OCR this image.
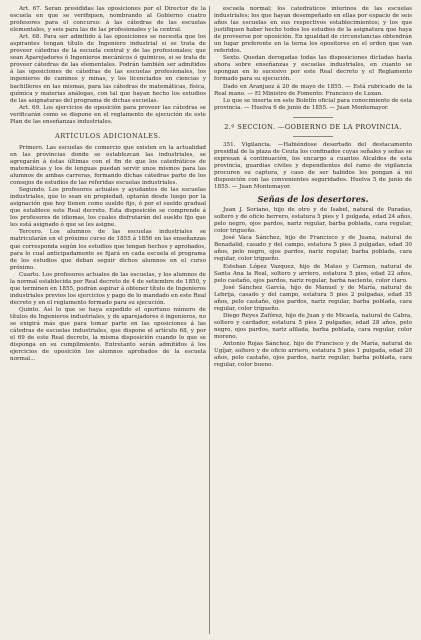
Art. 67. Serán presididas las oposiciones por el Director de la escuela en que se verifiquen, nombrando al Gobierno cuatro profesores para el concurso: á las cátedras de las escuelas elementales, y seis para las de las profesionales y la central.

Art. 68. Para ser admitido á las oposiciones se necesita que los aspirantes tengan título de Ingeniero industrial si se trata de proveer cátedras de la escuela central y de las profesionales; que sean Aparejadores ó Ingenieros mecánicos ó químicos, si se trata de proveer cátedras de las elementales. Podrán también ser admitidos á las oposiciones de cátedras de las escuelas profesionales, los ingenieros de caminos y minas, y los licenciados en ciencias y bachilleres en las mismas, para las cátedras de matemáticas, física, química y materias análogas, con tal que hayan hecho los estudios de las asignaturas del programa de dichas escuelas.

Art. 69. Los ejercicios de oposición para proveer las cátedras se verificarán como se dispone en el reglamento de ejecución de este Plan de las enseñanzas industriales.

ARTÍCULOS ADICIONALES.

Primero. Las escuelas de comercio que existen en la actualidad en las provincias donde se establezcan las industriales, se agregarán á éstas últimas con el fin de que los catedráticos de matemáticas y los de lenguas puedan servir unos mismos para las alumnos de ambas carreras, formando dichas cátedras parte de los consejos de estudios de las referidas escuelas industriales.

Segundo. Los profesores actuales y ayudantes de las escuelas industriales, que lo sean en propiedad, optarán desde luego por la asignación que hoy tienen como sueldo fijo, ó por el sueldo gradual que establece este Real decreto. Esta disposición se comprende á los profesores de idiomas, los cuales disfrutarán del sueldo fijo que les está asignado ó que se les asigne.

Tercero. Los alumnos de las escuelas industriales se matricularán en el próximo curso de 1855 á 1856 en las enseñanzas que corresponda según los estudios que tengan hechos y aprobados, para lo cual anticipadamente se fijará en cada escuela el programa de los estudios que deban seguir dichos alumnos en el curso próximo.

Cuarto. Los profesores actuales de las escuelas, y los alumnos de la normal establecida por Real decreto de 4 de setiembre de 1850, y que terminen en 1855, podrán aspirar á obtener título de Ingenieros industriales previos los ejercicios y pago de lo mandado en este Real decreto y en el reglamento formado para su ejecución.

Quinto. Así lo que se haya expedido el oportuno número de títulos de Ingenieros industriales, y de aparejadores ó ingenieros, no se exigirá más que para tomar parte en las oposiciones á las cátedras de escuelas industriales, que dispone el artículo 68, y por el 69 de este Real decreto, la misma disposición cuando lo que se disponga en su cumplimiento. Entretanto serán admitidos á los ejercicios de oposición los alumnos aprobados de la escuela normal...

escuela normal; los catedráticos interinos de las escuelas industriales; los que hayan desempeñado en ellas por espacio de seis años las escuelas en sus respectivos establecimientos; y los que justifiquen haber hecho todos los estudios de la asignatura que haya de proveerse por oposición. En igualdad de circunstancias obtendrán un lugar preferente en la terna los opositores en el orden que van referidos.

Sexto. Quedan derogadas todas las disposiciones dictadas hasta ahora sobre enseñanzas y escuelas industriales, en cuanto se opongan en lo sucesivo por este Real decreto y el Reglamento formado para su ejecución.

Dado en Aranjuez á 20 de mayo de 1855. — Está rubricado de la Real mano. — El Ministro de Fomento: Francisco de Luxan.

Lo que se inserta en este Boletín oficial para conocimiento de esta provincia. — Huelva 6 de junio de 1855. — Juan Montemayor.

2.º SECCION. —GOBIERNO DE LA PROVINCIA.

351. Vigilancia. —Habiéndose desertado del destacamento presidial de la plaza de Ceuta los confinados cuyas señales y señas se expresan á continuación, los encargo a cuantos Alcaldes de esta provincia, guardias civiles y dependientes del ramo de vigilancia procuren su captura, y caso de ser habidos los pongan á mi disposición con las convenientes seguridades. Huelva 5 de junio de 1855. — Juan Montemayor.

Señas de los desertores.

Juan J. Soriano, hijo de otro y de Isabel, natural de Paradas, soltero y de oficio herrero, estatura 5 pies y 1 pulgada, edad 24 años, pelo negro, ojos pardos, nariz regular, barba poblada, cara regular, color trigueño.

José Vaca Sánchez, hijo de Francisco y de Juana, natural de Benadalid, casado y del campo, estatura 5 pies 3 pulgadas, edad 30 años, pelo negro, ojos pardos, nariz regular, barba poblada, cara regular, color trigueño.

Esteban López Vazquez, hijo de Mateo y Carmen, natural de Santa Ana la Real, soltero y arriero, estatura 5 pies, edad 22 años, pelo castaño, ojos pardos, nariz regular, barba naciente, color claro.

José Sánchez García, hijo de Manuel y de María, natural de Lebrija, casado y del campo, estatura 5 pies 2 pulgadas, edad 35 años, pelo castaño, ojos pardos, nariz regular, barba poblada, cara regular, color trigueño.

Diego Reyes Zafórez, hijo de Juan y de Micaela, natural de Cabra, soltero y cardador, estatura 5 pies 2 pulgadas, edad 28 años, pelo negro, ojos pardos, nariz afilada, barba poblada, cara regular, color moreno.

Antonio Rojas Sánchez, hijo de Francisco y de María, natural de Ugíjar, soltero y de oficio arriero, estatura 5 pies 1 pulgada, edad 20 años, pelo castaño, ojos pardos, nariz regular, barba poblada, cara regular, color bueno.
